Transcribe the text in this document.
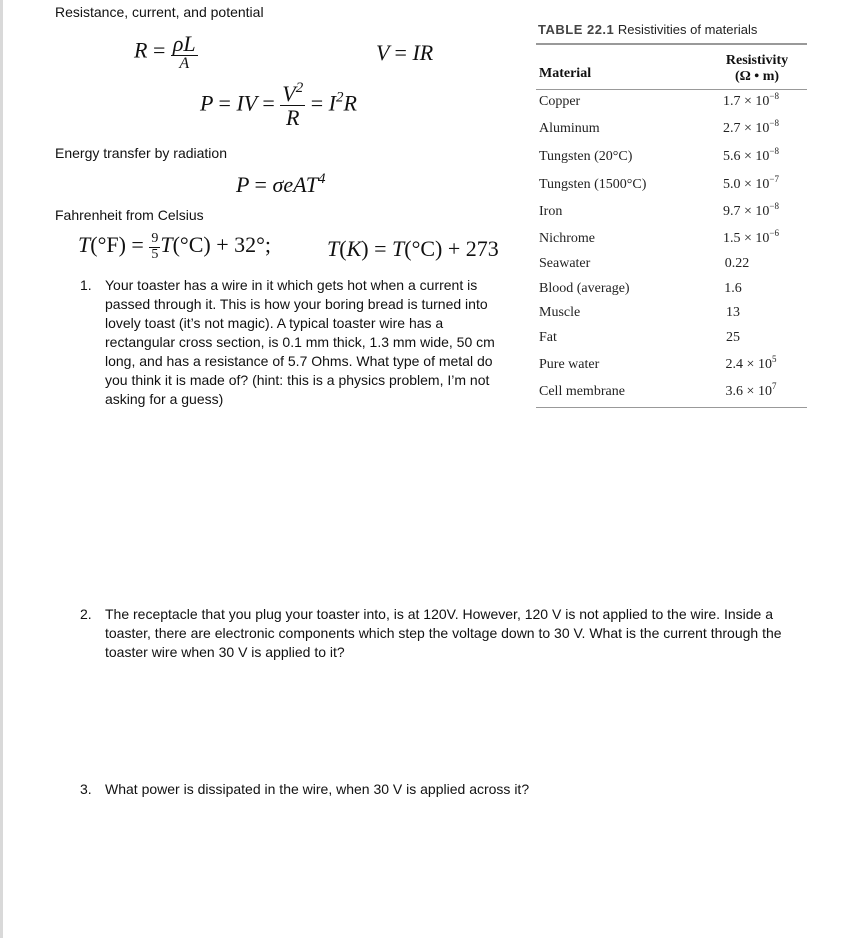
Resistance, current, and potential
Energy transfer by radiation
Fahrenheit from Celsius
$R = \frac{\rho L}{A}$	V = IR
P = IV = $\frac{V^2}{R} = I^2R$
P = σeAT$^4$
$T(^\circ F) = \frac{9}{5} T(^\circ C) + 32^\circ$;	T(K) = T(°C) + 273
1. Your toaster has a wire in it which gets hot when a current is
passed through it. This is how your boring bread is turned into
lovely toast (it’s not magic). A typical toaster wire has a
rectangular cross section, is 0.1 mm thick, 1.3 mm wide, 50 cm
long, and has a resistance of 5.7 Ohms. What type of metal do
you think it is made of? (hint: this is a physics problem, I’m not
asking for a guess)
2. The receptacle that you plug your toaster into, is at 120V. However, 120 V is not applied to the wire. Inside a
toaster, there are electronic components which step the voltage down to 30 V. What is the current through the
toaster wire when 30 V is applied to it?
3. What power is dissipated in the wire, when 30 V is applied across it?
TABLE 22.1 Resistivities of materials
Material
Resistivity
(Ω • m)
Copper	$1.7 \times 10^{-8}$
Aluminum	$2.7 \times 10^{-8}$
Tungsten (20°C)	$5.6 \times 10^{-8}$
Tungsten (1500°C)	$5.0 \times 10^{-7}$
Iron	$9.7 \times 10^{-8}$
Nichrome	$1.5 \times 10^{-6}$
Seawater	0.22
Blood (average)	1.6
Muscle	13
Fat	25
Pure water	$2.4 \times 10^5$
Cell membrane	$3.6 \times 10^7$
